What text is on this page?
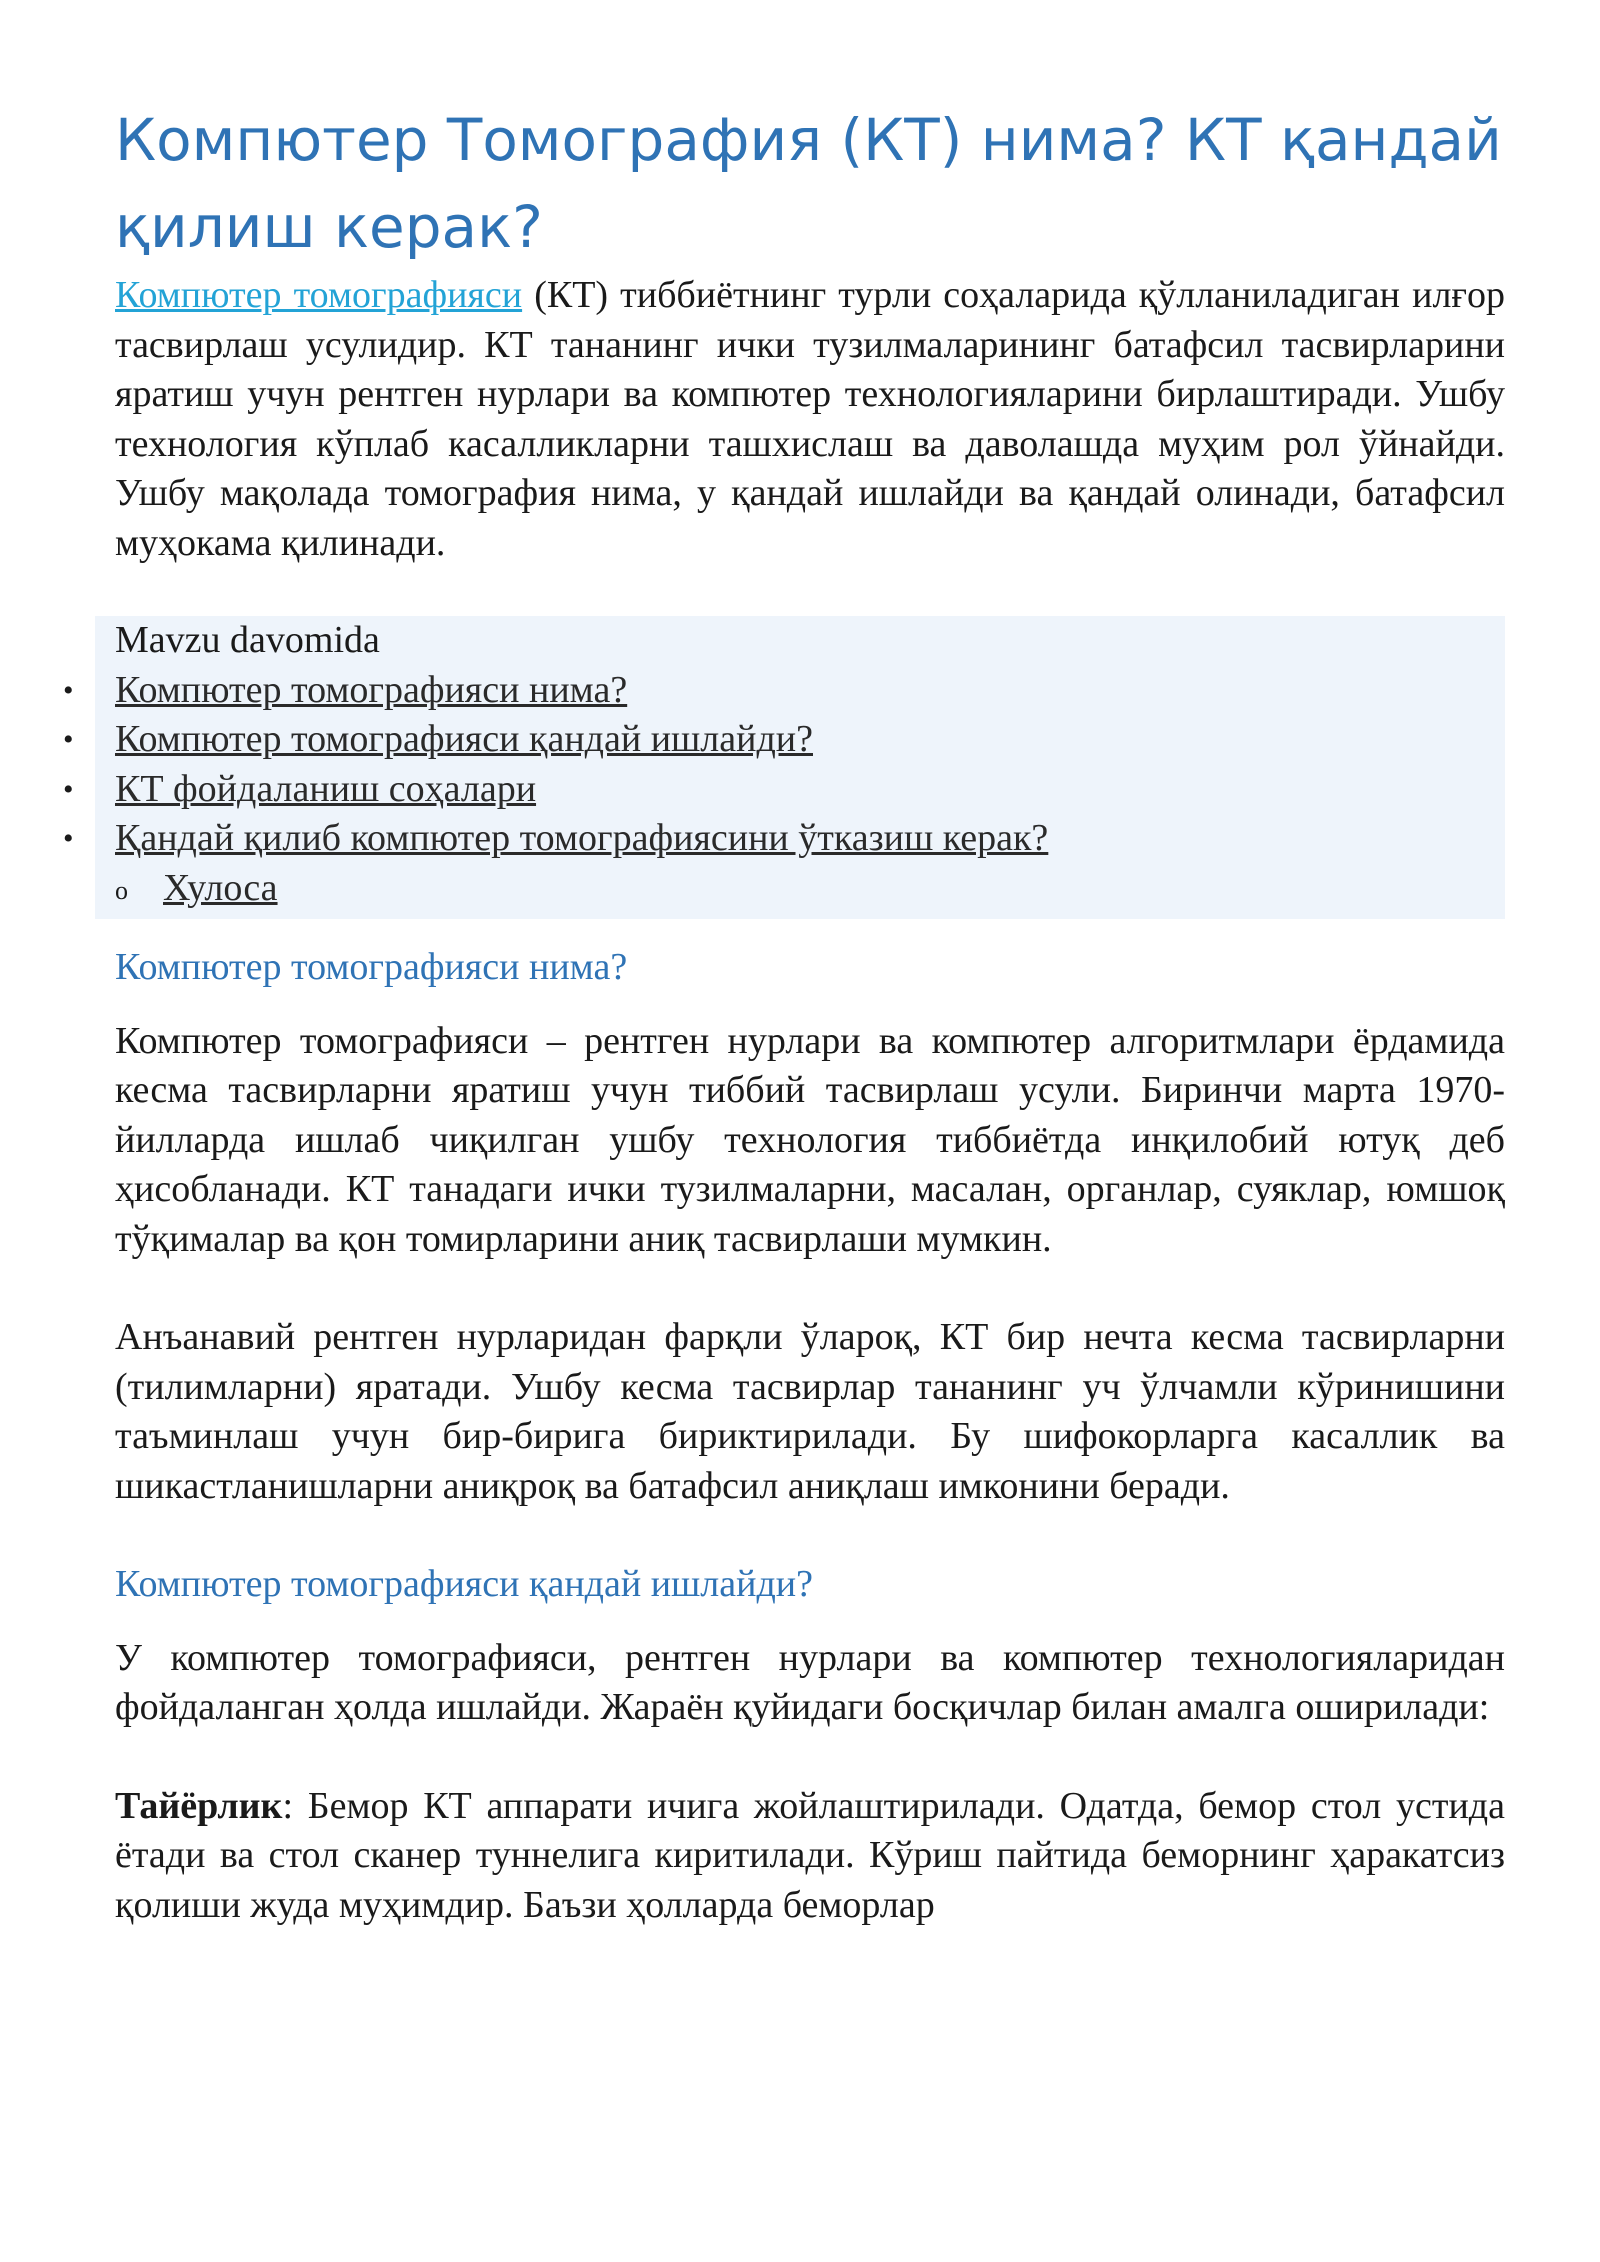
Компютер Томография (КТ) нима? КТ қандай қилиш керак?

Компютер томографияси (КТ) тиббиётнинг турли соҳаларида қўлланиладиган илғор тасвирлаш усулидир. КТ тананинг ички тузилмаларининг батафсил тасвирларини яратиш учун рентген нурлари ва компютер технологияларини бирлаштиради. Ушбу технология кўплаб касалликларни ташхислаш ва даволашда муҳим рол ўйнайди. Ушбу мақолада томография нима, у қандай ишлайди ва қандай олинади, батафсил муҳокама қилинади.

Mavzu davomida

• Компютер томографияси нима?
• Компютер томографияси қандай ишлайди?
• КТ фойдаланиш соҳалари
• Қандай қилиб компютер томографиясини ўтказиш керак?
o Хулоса
Компютер томографияси нима?

Компютер томографияси – рентген нурлари ва компютер алгоритмлари ёрдамида кесма тасвирларни яратиш учун тиббий тасвирлаш усули. Биринчи марта 1970-йилларда ишлаб чиқилган ушбу технология тиббиётда инқилобий ютуқ деб ҳисобланади. КТ танадаги ички тузилмаларни, масалан, органлар, суяклар, юмшоқ тўқималар ва қон томирларини аниқ тасвирлаши мумкин.

Анъанавий рентген нурларидан фарқли ўлароқ, КТ бир нечта кесма тасвирларни (тилимларни) яратади. Ушбу кесма тасвирлар тананинг уч ўлчамли кўринишини таъминлаш учун бир-бирига бириктирилади. Бу шифокорларга касаллик ва шикастланишларни аниқроқ ва батафсил аниқлаш имконини беради.

Компютер томографияси қандай ишлайди?

У компютер томографияси, рентген нурлари ва компютер технологияларидан фойдаланган ҳолда ишлайди. Жараён қуйидаги босқичлар билан амалга оширилади:

Тайёрлик: Бемор КТ аппарати ичига жойлаштирилади. Одатда, бемор стол устида ётади ва стол сканер туннелига киритилади. Кўриш пайтида беморнинг ҳаракатсиз қолиши жуда муҳимдир. Баъзи ҳолларда беморлар
